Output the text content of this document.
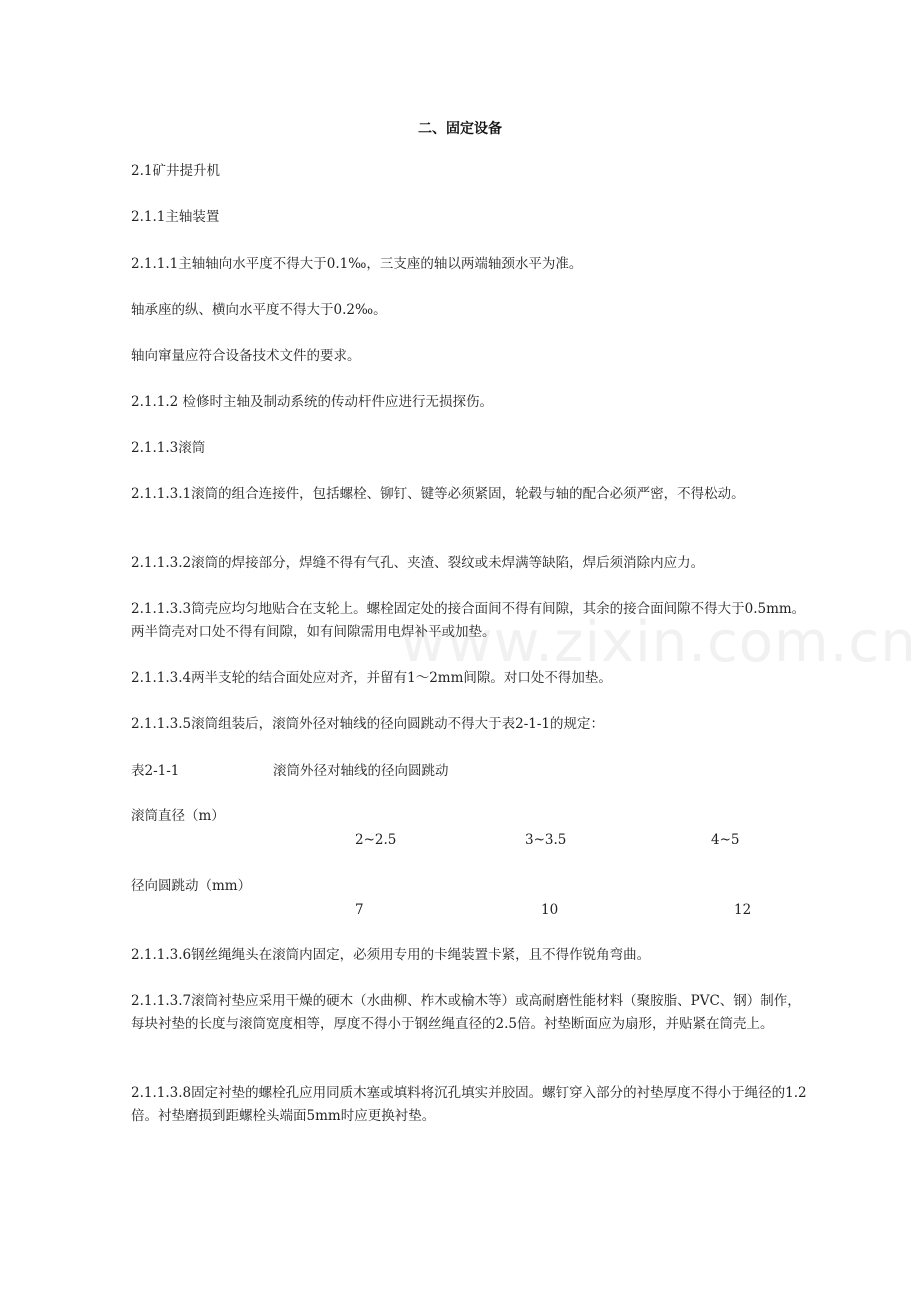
www.zixin.com.cn
二、固定设备

2.1矿井提升机

2.1.1主轴装置

2.1.1.1主轴轴向水平度不得大于0.1‰，三支座的轴以两端轴颈水平为准。

轴承座的纵、横向水平度不得大于0.2‰。

轴向窜量应符合设备技术文件的要求。

2.1.1.2 检修时主轴及制动系统的传动杆件应进行无损探伤。

2.1.1.3滚筒

2.1.1.3.1滚筒的组合连接件，包括螺栓、铆钉、键等必须紧固，轮毂与轴的配合必须严密，不得松动。

2.1.1.3.2滚筒的焊接部分，焊缝不得有气孔、夹渣、裂纹或未焊满等缺陷，焊后须消除内应力。

2.1.1.3.3筒壳应均匀地贴合在支轮上。螺栓固定处的接合面间不得有间隙，其余的接合面间隙不得大于0.5mm。两半筒壳对口处不得有间隙，如有间隙需用电焊补平或加垫。

2.1.1.3.4两半支轮的结合面处应对齐，并留有1～2mm间隙。对口处不得加垫。

2.1.1.3.5滚筒组装后，滚筒外径对轴线的径向圆跳动不得大于表2-1-1的规定：

表2-1-1	滚筒外径对轴线的径向圆跳动
滚筒直径（m）
2~2.5	3~3.5	4~5
径向圆跳动（mm）
7	10	12

2.1.1.3.6钢丝绳绳头在滚筒内固定，必须用专用的卡绳装置卡紧，且不得作锐角弯曲。

2.1.1.3.7滚筒衬垫应采用干燥的硬木（水曲柳、柞木或榆木等）或高耐磨性能材料（聚胺脂、PVC、钢）制作，每块衬垫的长度与滚筒宽度相等，厚度不得小于钢丝绳直径的2.5倍。衬垫断面应为扇形，并贴紧在筒壳上。

2.1.1.3.8固定衬垫的螺栓孔应用同质木塞或填料将沉孔填实并胶固。螺钉穿入部分的衬垫厚度不得小于绳径的1.2倍。衬垫磨损到距螺栓头端面5mm时应更换衬垫。
